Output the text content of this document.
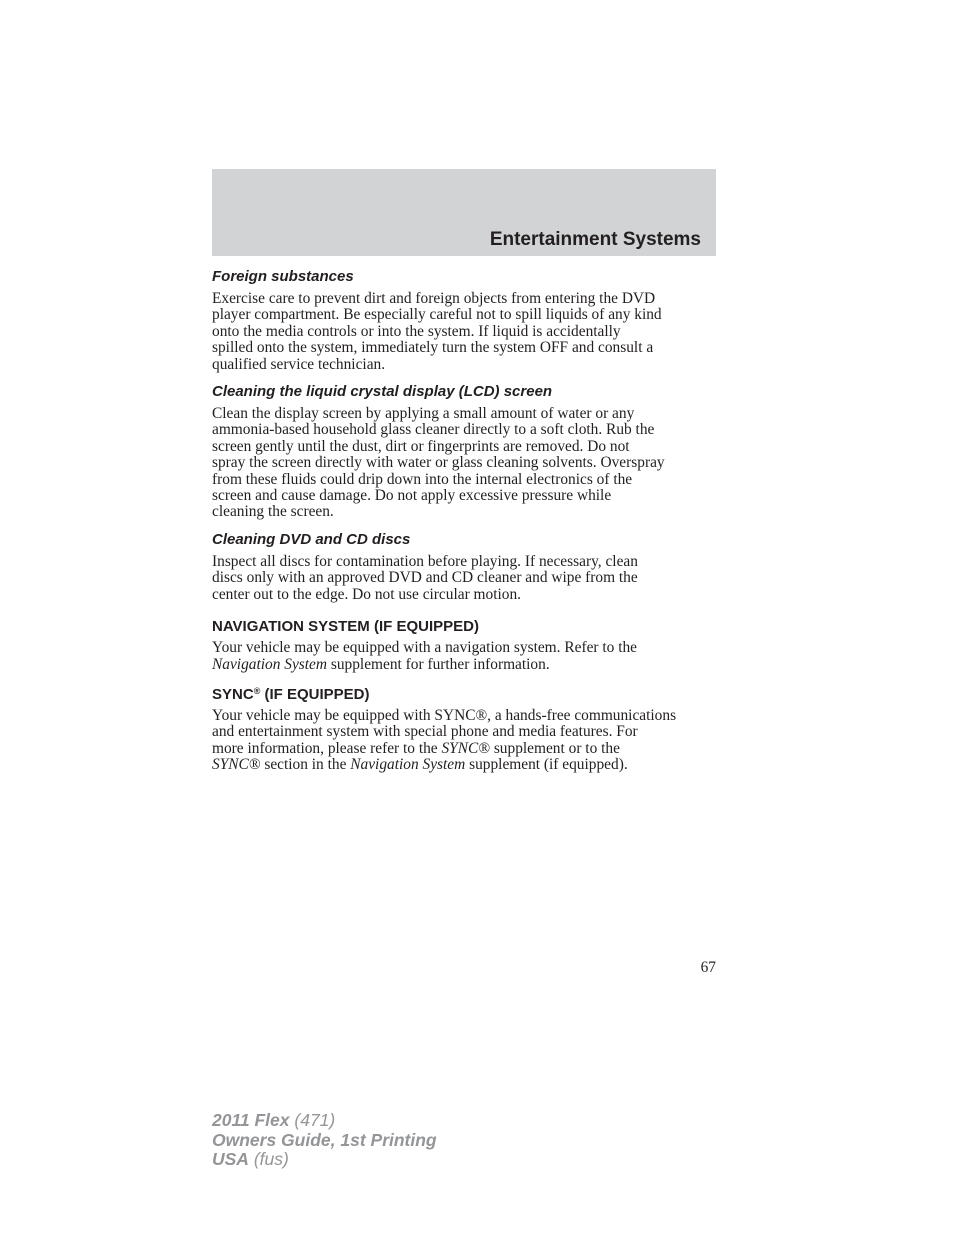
Entertainment Systems
Foreign substances
Exercise care to prevent dirt and foreign objects from entering the DVD
player compartment. Be especially careful not to spill liquids of any kind
onto the media controls or into the system. If liquid is accidentally
spilled onto the system, immediately turn the system OFF and consult a
qualified service technician.
Cleaning the liquid crystal display (LCD) screen
Clean the display screen by applying a small amount of water or any
ammonia-based household glass cleaner directly to a soft cloth. Rub the
screen gently until the dust, dirt or fingerprints are removed. Do not
spray the screen directly with water or glass cleaning solvents. Overspray
from these fluids could drip down into the internal electronics of the
screen and cause damage. Do not apply excessive pressure while
cleaning the screen.
Cleaning DVD and CD discs
Inspect all discs for contamination before playing. If necessary, clean
discs only with an approved DVD and CD cleaner and wipe from the
center out to the edge. Do not use circular motion.
NAVIGATION SYSTEM (IF EQUIPPED)
Your vehicle may be equipped with a navigation system. Refer to the
Navigation System supplement for further information.
SYNC® (IF EQUIPPED)
Your vehicle may be equipped with SYNC®, a hands-free communications
and entertainment system with special phone and media features. For
more information, please refer to the SYNC® supplement or to the
SYNC® section in the Navigation System supplement (if equipped).
67
2011 Flex (471)
Owners Guide, 1st Printing
USA (fus)
